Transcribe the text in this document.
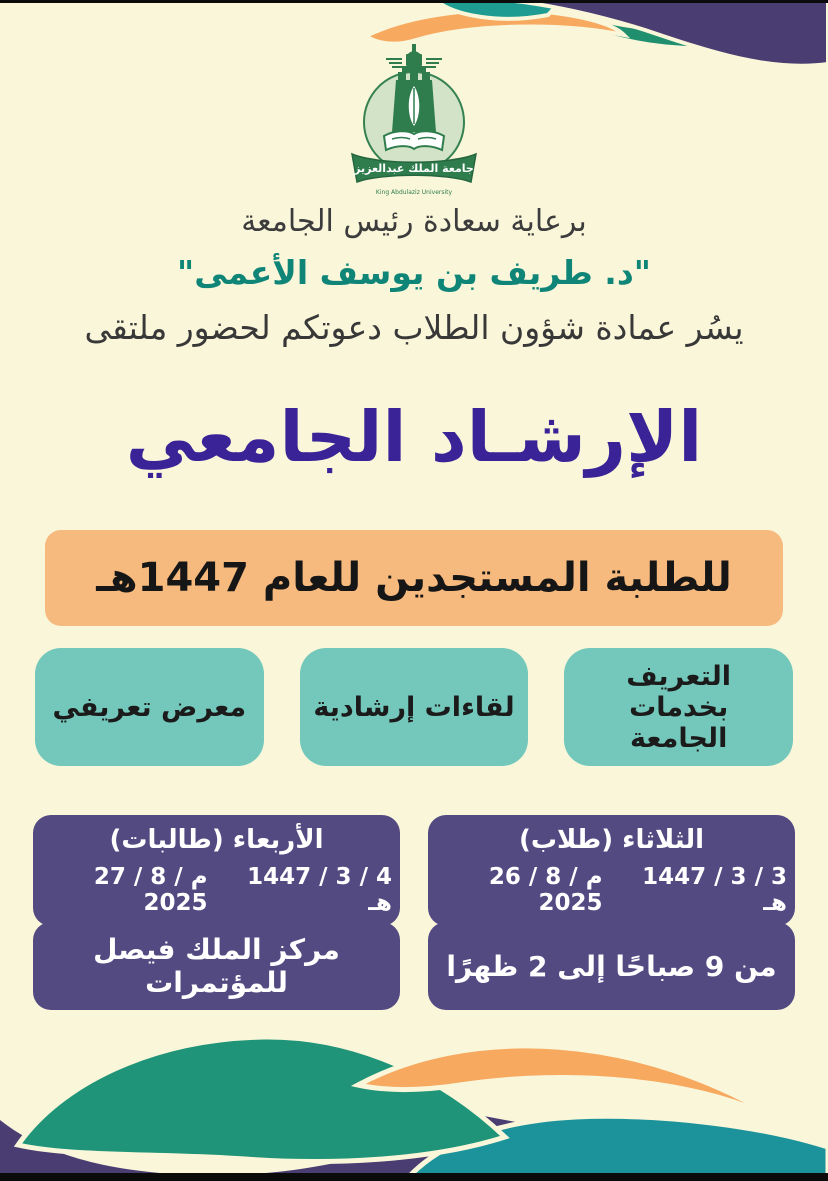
جامعة الملك عبدالعزيز
King Abdulaziz University
برعاية سعادة رئيس الجامعة
"د. طريف بن يوسف الأعمى"
يسُر عمادة شؤون الطلاب دعوتكم لحضور ملتقى
الإرشـاد الجامعي
للطلبة المستجدين للعام 1447هـ
التعريف بخدمات الجامعة
لقاءات إرشادية
معرض تعريفي
الثلاثاء (طلاب)
3 / 3 / 1447 هـ
م 26 / 8 / 2025
الأربعاء (طالبات)
4 / 3 / 1447 هـ
م 27 / 8 / 2025
من 9 صباحًا إلى 2 ظهرًا
مركز الملك فيصل للمؤتمرات
